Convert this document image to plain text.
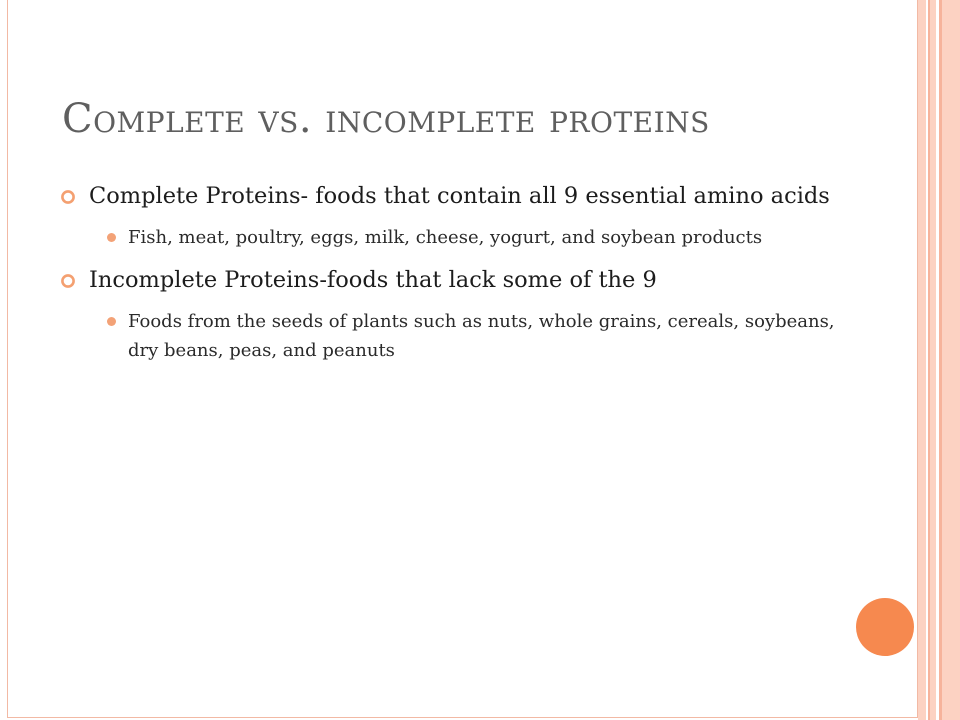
Complete vs. incomplete proteins
Complete Proteins- foods that contain all 9 essential amino acids
Fish, meat, poultry, eggs, milk, cheese, yogurt, and soybean products
Incomplete Proteins-foods that lack some of the 9
Foods from the seeds of plants such as nuts, whole grains, cereals, soybeans, dry beans, peas, and peanuts
